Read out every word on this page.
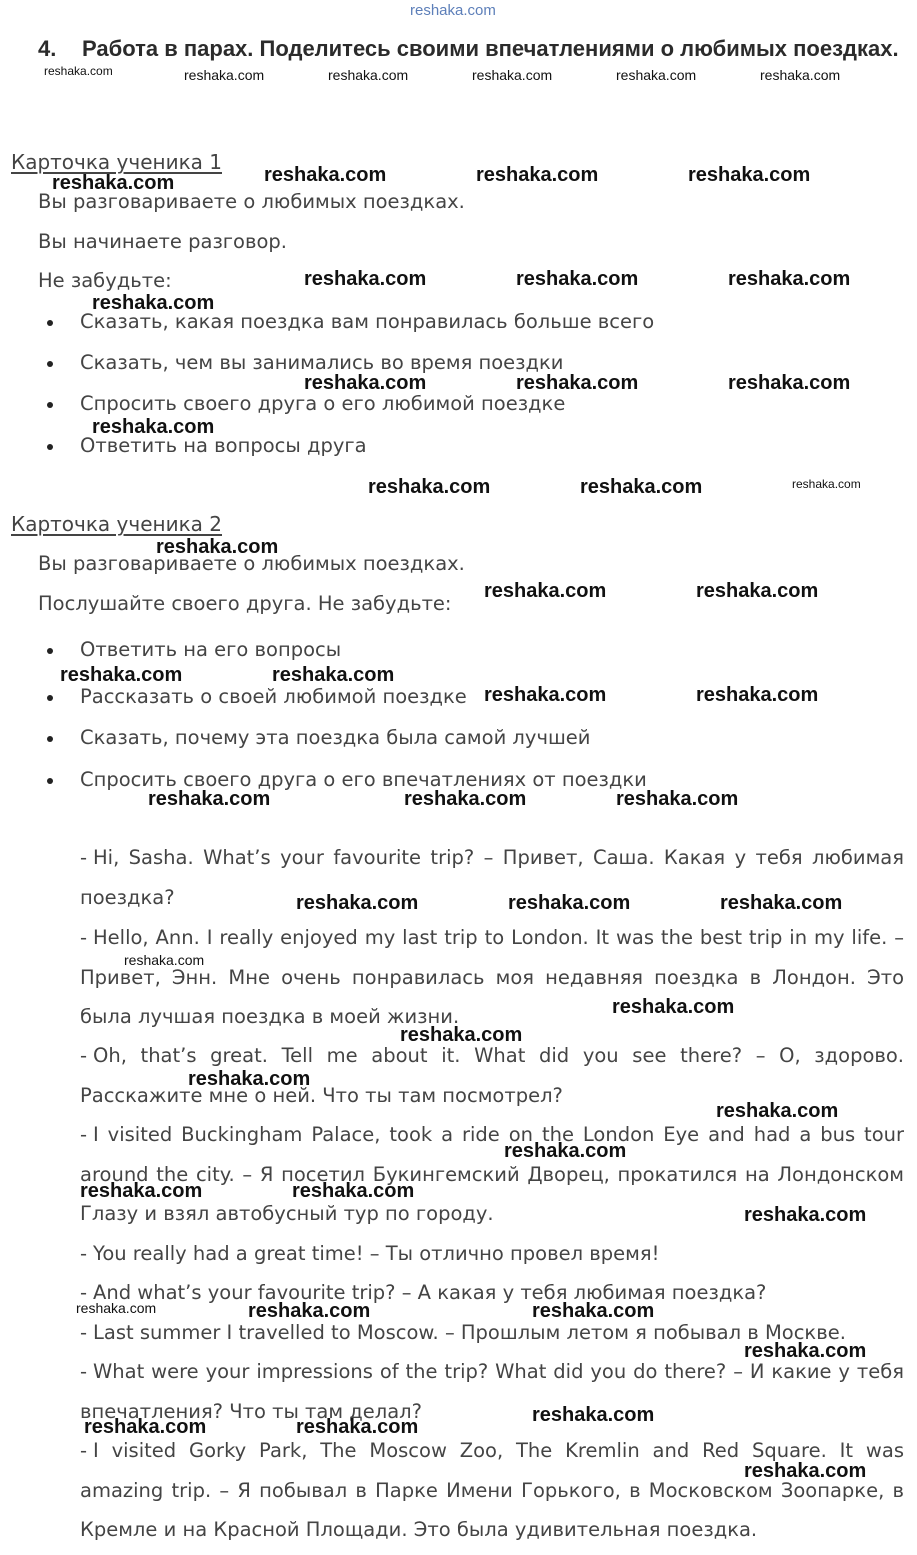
4. Работа в парах. Поделитесь своими впечатлениями о любимых поездках.
Карточка ученика 1
Вы разговариваете о любимых поездках.
Вы начинаете разговор.
Не забудьте:
Сказать, какая поездка вам понравилась больше всего
Сказать, чем вы занимались во время поездки
Спросить своего друга о его любимой поездке
Ответить на вопросы друга
Карточка ученика 2
Вы разговариваете о любимых поездках.
Послушайте своего друга. Не забудьте:
Ответить на его вопросы
Рассказать о своей любимой поездке
Сказать, почему эта поездка была самой лучшей
Спросить своего друга о его впечатлениях от поездки
- Hi, Sasha. What’s your favourite trip? – Привет, Саша. Какая у тебя любимая поездка?
- Hello, Ann. I really enjoyed my last trip to London. It was the best trip in my life. – Привет, Энн. Мне очень понравилась моя недавняя поездка в Лондон. Это была лучшая поездка в моей жизни.
- Oh, that’s great. Tell me about it. What did you see there? – О, здорово. Расскажите мне о ней. Что ты там посмотрел?
- I visited Buckingham Palace, took a ride on the London Eye and had a bus tour around the city. – Я посетил Букингемский Дворец, прокатился на Лондонском Глазу и взял автобусный тур по городу.
- You really had a great time! – Ты отлично провел время!
- And what’s your favourite trip? – А какая у тебя любимая поездка?
- Last summer I travelled to Moscow. – Прошлым летом я побывал в Москве.
- What were your impressions of the trip? What did you do there? – И какие у тебя впечатления? Что ты там делал?
- I visited Gorky Park, The Moscow Zoo, The Kremlin and Red Square. It was amazing trip. – Я побывал в Парке Имени Горького, в Московском Зоопарке, в Кремле и на Красной Площади. Это была удивительная поездка.
reshaka.com
reshaka.com	reshaka.com	reshaka.com	reshaka.com	reshaka.com	reshaka.com
reshaka.com	reshaka.com	reshaka.com	reshaka.com
reshaka.com	reshaka.com	reshaka.com
reshaka.com
reshaka.com	reshaka.com	reshaka.com
reshaka.com
reshaka.com	reshaka.com	reshaka.com
reshaka.com
reshaka.com	reshaka.com
reshaka.com	reshaka.com
reshaka.com	reshaka.com
reshaka.com	reshaka.com	reshaka.com
reshaka.com	reshaka.com	reshaka.com
reshaka.com
reshaka.com
reshaka.com
reshaka.com
reshaka.com
reshaka.com
reshaka.com	reshaka.com
reshaka.com
reshaka.com	reshaka.com	reshaka.com
reshaka.com
reshaka.com
reshaka.com	reshaka.com
reshaka.com
